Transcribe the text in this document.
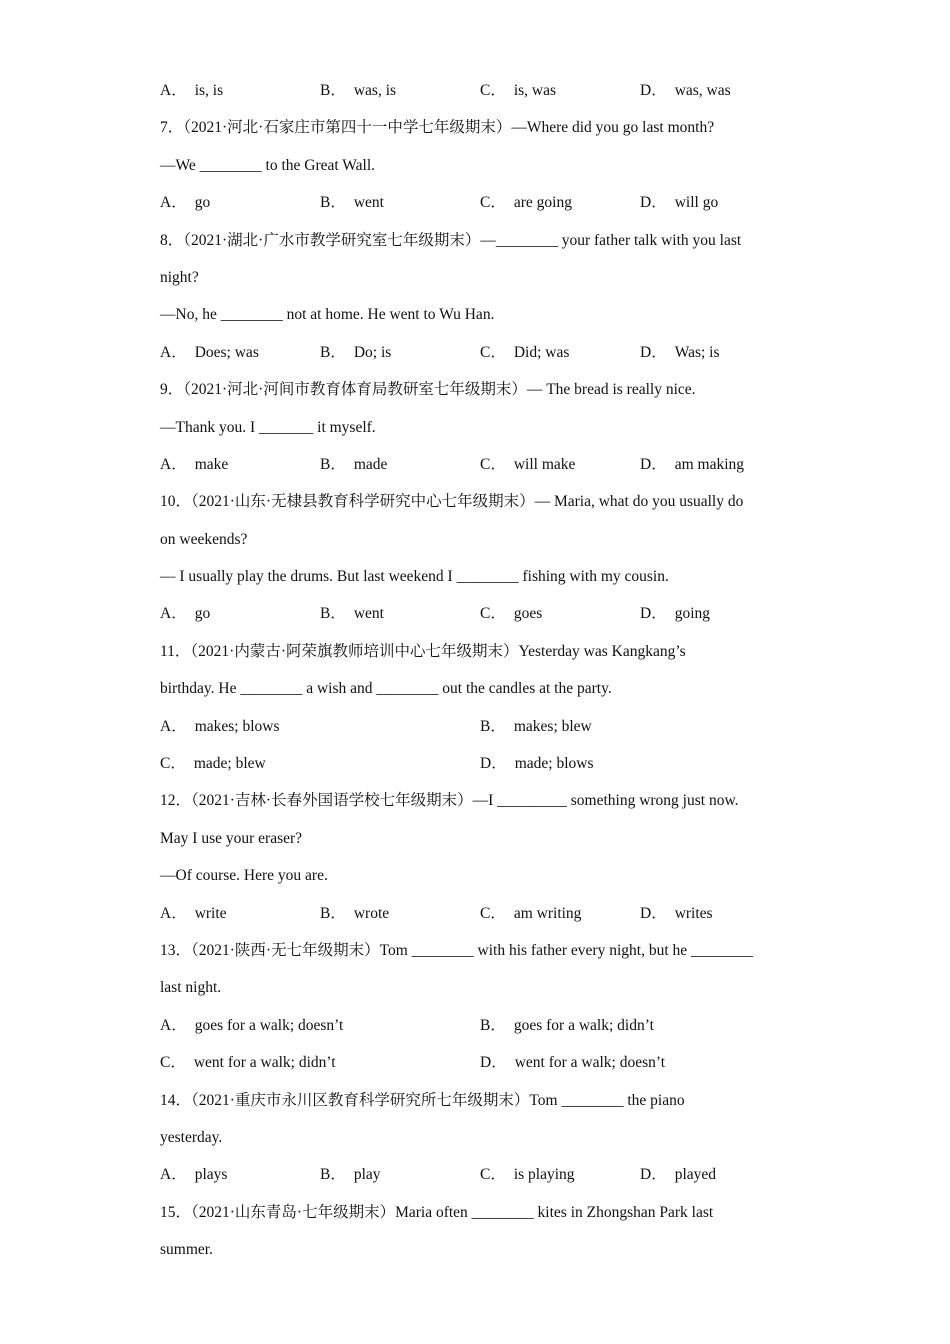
A． is, is	B． was, is	C． is, was	D． was, was
7．（2021·河北·石家庄市第四十一中学七年级期末）—Where did you go last month?
—We ________ to the Great Wall.
A． go	B． went	C． are going	D． will go
8．（2021·湖北·广水市教学研究室七年级期末）—________ your father talk with you last
night?
—No, he ________ not at home. He went to Wu Han.
A． Does; was	B． Do; is	C． Did; was	D． Was; is
9．（2021·河北·河间市教育体育局教研室七年级期末）— The bread is really nice.
—Thank you. I _______ it myself.
A． make	B． made	C． will make	D． am making
10．（2021·山东·无棣县教育科学研究中心七年级期末）— Maria, what do you usually do
on weekends?
— I usually play the drums. But last weekend I ________ fishing with my cousin.
A． go	B． went	C． goes	D． going
11．（2021·内蒙古·阿荣旗教师培训中心七年级期末）Yesterday was Kangkang’s
birthday. He ________ a wish and ________ out the candles at the party.
A． makes; blows	B． makes; blew
C． made; blew	D． made; blows
12．（2021·吉林·长春外国语学校七年级期末）—I _________ something wrong just now.
May I use your eraser?
—Of course. Here you are.
A． write	B． wrote	C． am writing	D． writes
13．（2021·陕西·无七年级期末）Tom ________ with his father every night, but he ________
last night.
A． goes for a walk; doesn’t	B． goes for a walk; didn’t
C． went for a walk; didn’t	D． went for a walk; doesn’t
14．（2021·重庆市永川区教育科学研究所七年级期末）Tom ________ the piano
yesterday.
A． plays	B． play	C． is playing	D． played
15．（2021·山东青岛·七年级期末）Maria often ________ kites in Zhongshan Park last
summer.
